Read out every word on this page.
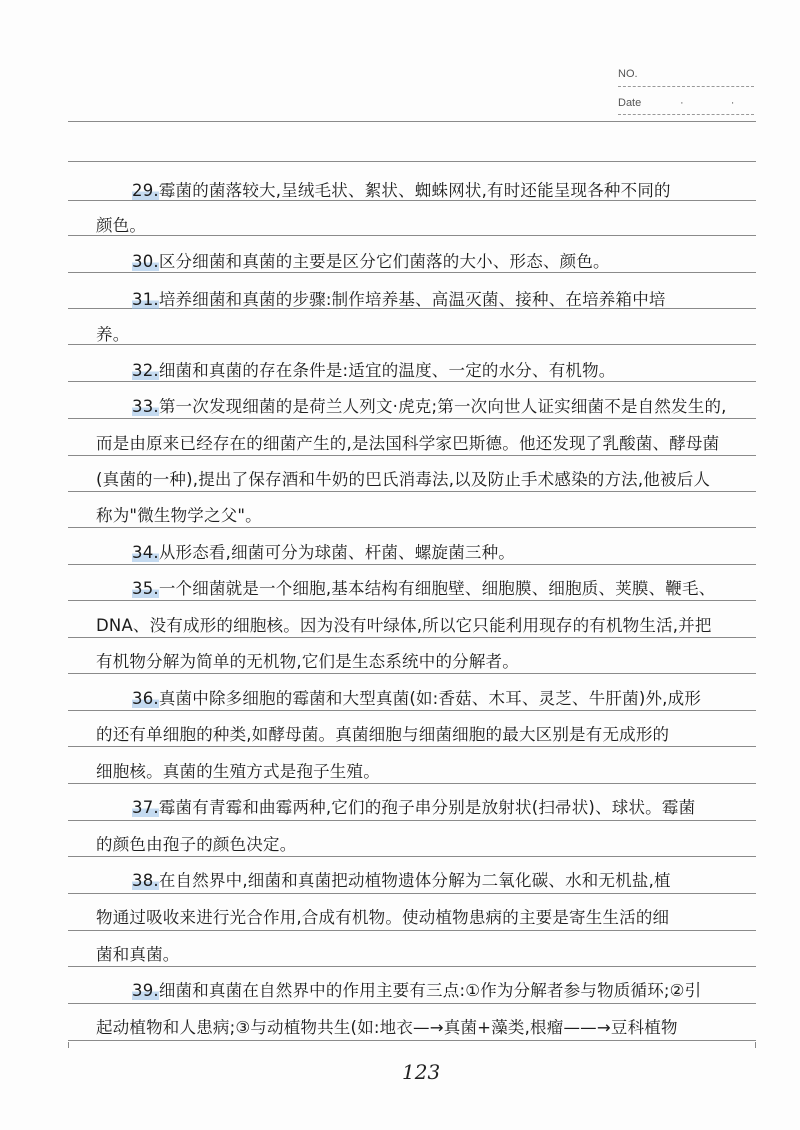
NO.
Date	· ·
29.霉菌的菌落较大,呈绒毛状、絮状、蜘蛛网状,有时还能呈现各种不同的
颜色。
30.区分细菌和真菌的主要是区分它们菌落的大小、形态、颜色。
31.培养细菌和真菌的步骤:制作培养基、高温灭菌、接种、在培养箱中培
养。
32.细菌和真菌的存在条件是:适宜的温度、一定的水分、有机物。
33.第一次发现细菌的是荷兰人列文·虎克;第一次向世人证实细菌不是自然发生的,
而是由原来已经存在的细菌产生的,是法国科学家巴斯德。他还发现了乳酸菌、酵母菌
(真菌的一种),提出了保存酒和牛奶的巴氏消毒法,以及防止手术感染的方法,他被后人
称为"微生物学之父"。
34.从形态看,细菌可分为球菌、杆菌、螺旋菌三种。
35.一个细菌就是一个细胞,基本结构有细胞壁、细胞膜、细胞质、荚膜、鞭毛、
DNA、没有成形的细胞核。因为没有叶绿体,所以它只能利用现存的有机物生活,并把
有机物分解为简单的无机物,它们是生态系统中的分解者。
36.真菌中除多细胞的霉菌和大型真菌(如:香菇、木耳、灵芝、牛肝菌)外,成形
的还有单细胞的种类,如酵母菌。真菌细胞与细菌细胞的最大区别是有无成形的
细胞核。真菌的生殖方式是孢子生殖。
37.霉菌有青霉和曲霉两种,它们的孢子串分别是放射状(扫帚状)、球状。霉菌
的颜色由孢子的颜色决定。
38.在自然界中,细菌和真菌把动植物遗体分解为二氧化碳、水和无机盐,植
物通过吸收来进行光合作用,合成有机物。使动植物患病的主要是寄生生活的细
菌和真菌。
39.细菌和真菌在自然界中的作用主要有三点:①作为分解者参与物质循环;②引
起动植物和人患病;③与动植物共生(如:地衣—→真菌+藻类,根瘤——→豆科植物
123
